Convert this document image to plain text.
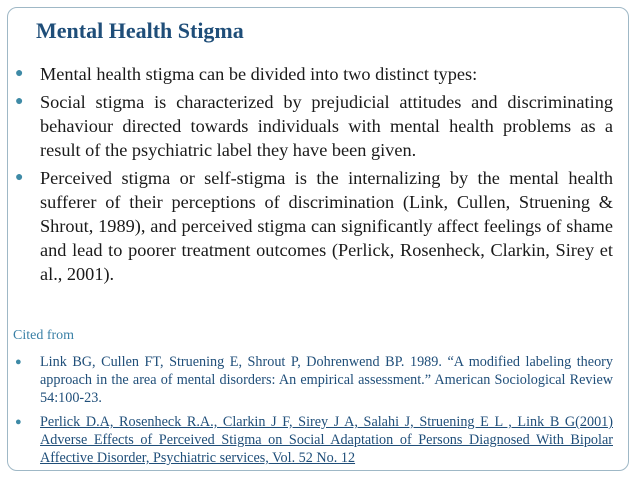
Mental Health Stigma
● Mental health stigma can be divided into two distinct types:
● Social stigma is characterized by prejudicial attitudes and discriminating behaviour directed towards individuals with mental health problems as a result of the psychiatric label they have been given.
● Perceived stigma or self-stigma is the internalizing by the mental health sufferer of their perceptions of discrimination (Link, Cullen, Struening & Shrout, 1989), and perceived stigma can significantly affect feelings of shame and lead to poorer treatment outcomes (Perlick, Rosenheck, Clarkin, Sirey et al., 2001).

Cited from

● Link BG, Cullen FT, Struening E, Shrout P, Dohrenwend BP. 1989. “A modified labeling theory approach in the area of mental disorders: An empirical assessment.” American Sociological Review 54:100-23.
● Perlick D.A, Rosenheck R.A., Clarkin J F, Sirey J A, Salahi J, Struening E L , Link B G(2001) Adverse Effects of Perceived Stigma on Social Adaptation of Persons Diagnosed With Bipolar Affective Disorder, Psychiatric services, Vol. 52 No. 12
